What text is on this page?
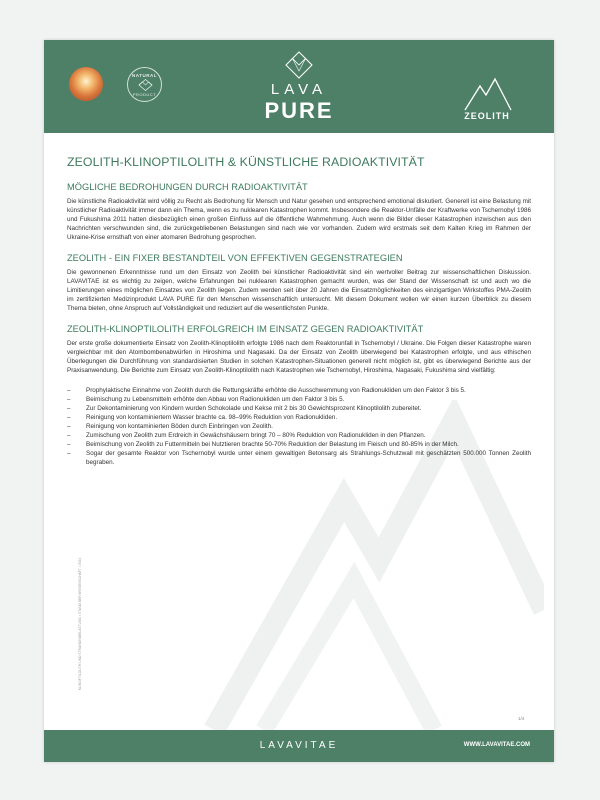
NATURAL
PRODUCT	LAVA
PURE	ZEOLITH
KLINOPTILOLITH UND STRAHLENBELASTUNG • STAND DER WISSENSCHAFT • 2024
ZEOLITH-KLINOPTILOLITH & KÜNSTLICHE RADIOAKTIVITÄT
MÖGLICHE BEDROHUNGEN DURCH RADIOAKTIVITÄT

Die künstliche Radioaktivität wird völlig zu Recht als Bedrohung für Mensch und Natur gesehen und entsprechend emotional diskutiert. Generell ist eine Belastung mit künstlicher Radioaktivität immer dann ein Thema, wenn es zu nuklearen Katastrophen kommt. Insbesondere die Reaktor-Unfälle der Kraftwerke von Tschernobyl 1986 und Fukushima 2011 hatten diesbezüglich einen großen Einfluss auf die öffentliche Wahrnehmung. Auch wenn die Bilder dieser Katastrophen inzwischen aus den Nachrichten verschwunden sind, die zurückgebliebenen Belastungen sind nach wie vor vorhanden. Zudem wird erstmals seit dem Kalten Krieg im Rahmen der Ukraine-Krise ernsthaft von einer atomaren Bedrohung gesprochen.

ZEOLITH - EIN FIXER BESTANDTEIL VON EFFEKTIVEN GEGENSTRATEGIEN

Die gewonnenen Erkenntnisse rund um den Einsatz von Zeolith bei künstlicher Radioaktivität sind ein wertvoller Beitrag zur wissenschaftlichen Diskussion. LAVAVITAE ist es wichtig zu zeigen, welche Erfahrungen bei nuklearen Katastrophen gemacht wurden, was der Stand der Wissenschaft ist und auch wo die Limitierungen eines möglichen Einsatzes von Zeolith liegen. Zudem werden seit über 20 Jahren die Einsatzmöglichkeiten des einzigartigen Wirkstoffes PMA-Zeolith im zertifizierten Medizinprodukt LAVA PURE für den Menschen wissenschaftlich untersucht. Mit diesem Dokument wollen wir einen kurzen Überblick zu diesem Thema bieten, ohne Anspruch auf Vollständigkeit und reduziert auf die wesentlichsten Punkte.

ZEOLITH-KLINOPTILOLITH ERFOLGREICH IM EINSATZ GEGEN RADIOAKTIVITÄT

Der erste große dokumentierte Einsatz von Zeolith-Klinoptilolith erfolgte 1986 nach dem Reaktorunfall in Tschernobyl / Ukraine. Die Folgen dieser Katastrophe waren vergleichbar mit den Atombombenabwürfen in Hiroshima und Nagasaki. Da der Einsatz von Zeolith überwiegend bei Katastrophen erfolgte, und aus ethischen Überlegungen die Durchführung von standardisierten Studien in solchen Katastrophen-Situationen generell nicht möglich ist, gibt es überwiegend Berichte aus der Praxisanwendung. Die Berichte zum Einsatz von Zeolith-Klinoptilolith nach Katastrophen wie Tschernobyl, Hiroshima, Nagasaki, Fukushima sind vielfältig:

– Prophylaktische Einnahme von Zeolith durch die Rettungskräfte erhöhte die Ausschwemmung von Radionukliden um den Faktor 3 bis 5.
– Beimischung zu Lebensmitteln erhöhte den Abbau von Radionukliden um den Faktor 3 bis 5.
– Zur Dekontaminierung von Kindern wurden Schokolade und Kekse mit 2 bis 30 Gewichtsprozent Klinoptilolith zubereitet.
– Reinigung von kontaminiertem Wasser brachte ca. 98–99% Reduktion von Radionukliden.
– Reinigung von kontaminierten Böden durch Einbringen von Zeolith.
– Zumischung von Zeolith zum Erdreich in Gewächshäusern bringt 70 – 80% Reduktion von Radionukliden in den Pflanzen.
– Beimischung von Zeolith zu Futtermitteln bei Nutztieren brachte 50-70% Reduktion der Belastung im Fleisch und 80-85% in der Milch.
– Sogar der gesamte Reaktor von Tschernobyl wurde unter einem gewaltigen Betonsarg als Strahlungs-Schutzwall mit geschätzten 500.000 Tonnen Zeolith begraben.
1/4
LAVAVITAE	WWW.LAVAVITAE.COM
